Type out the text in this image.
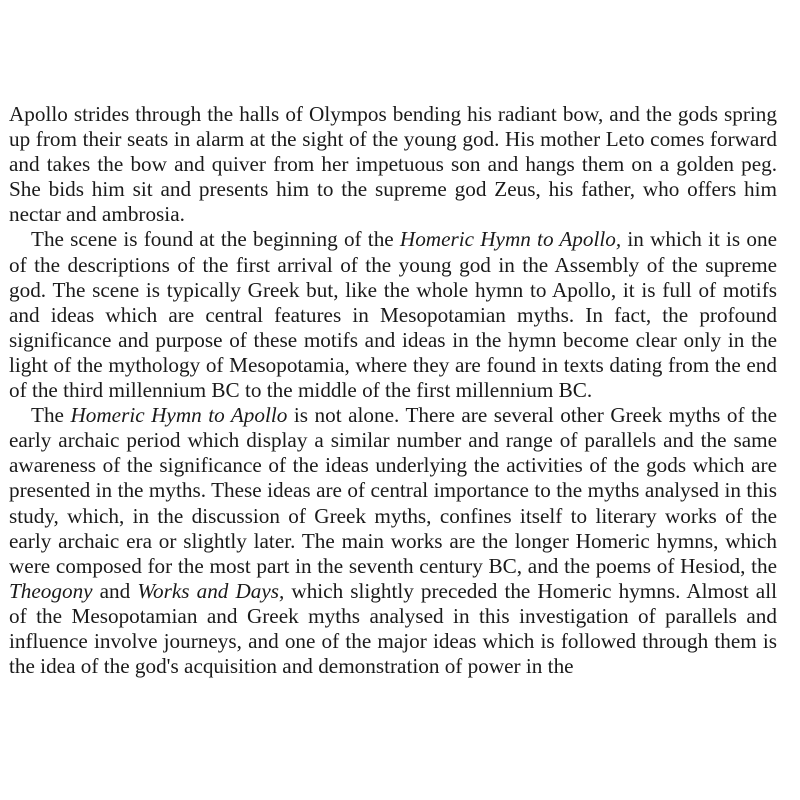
Apollo strides through the halls of Olympos bending his radiant bow, and the gods spring up from their seats in alarm at the sight of the young god. His mother Leto comes forward and takes the bow and quiver from her impetuous son and hangs them on a golden peg. She bids him sit and presents him to the supreme god Zeus, his father, who offers him nectar and ambrosia.

The scene is found at the beginning of the Homeric Hymn to Apollo, in which it is one of the descriptions of the first arrival of the young god in the Assembly of the supreme god. The scene is typically Greek but, like the whole hymn to Apollo, it is full of motifs and ideas which are central features in Mesopotamian myths. In fact, the profound significance and purpose of these motifs and ideas in the hymn become clear only in the light of the mythology of Mesopotamia, where they are found in texts dating from the end of the third millennium BC to the middle of the first millennium BC.

The Homeric Hymn to Apollo is not alone. There are several other Greek myths of the early archaic period which display a similar number and range of parallels and the same awareness of the significance of the ideas underlying the activities of the gods which are presented in the myths. These ideas are of central importance to the myths analysed in this study, which, in the discussion of Greek myths, confines itself to literary works of the early archaic era or slightly later. The main works are the longer Homeric hymns, which were composed for the most part in the seventh century BC, and the poems of Hesiod, the Theogony and Works and Days, which slightly preceded the Homeric hymns. Almost all of the Mesopotamian and Greek myths analysed in this investigation of parallels and influence involve journeys, and one of the major ideas which is followed through them is the idea of the god's acquisition and demonstration of power in the
